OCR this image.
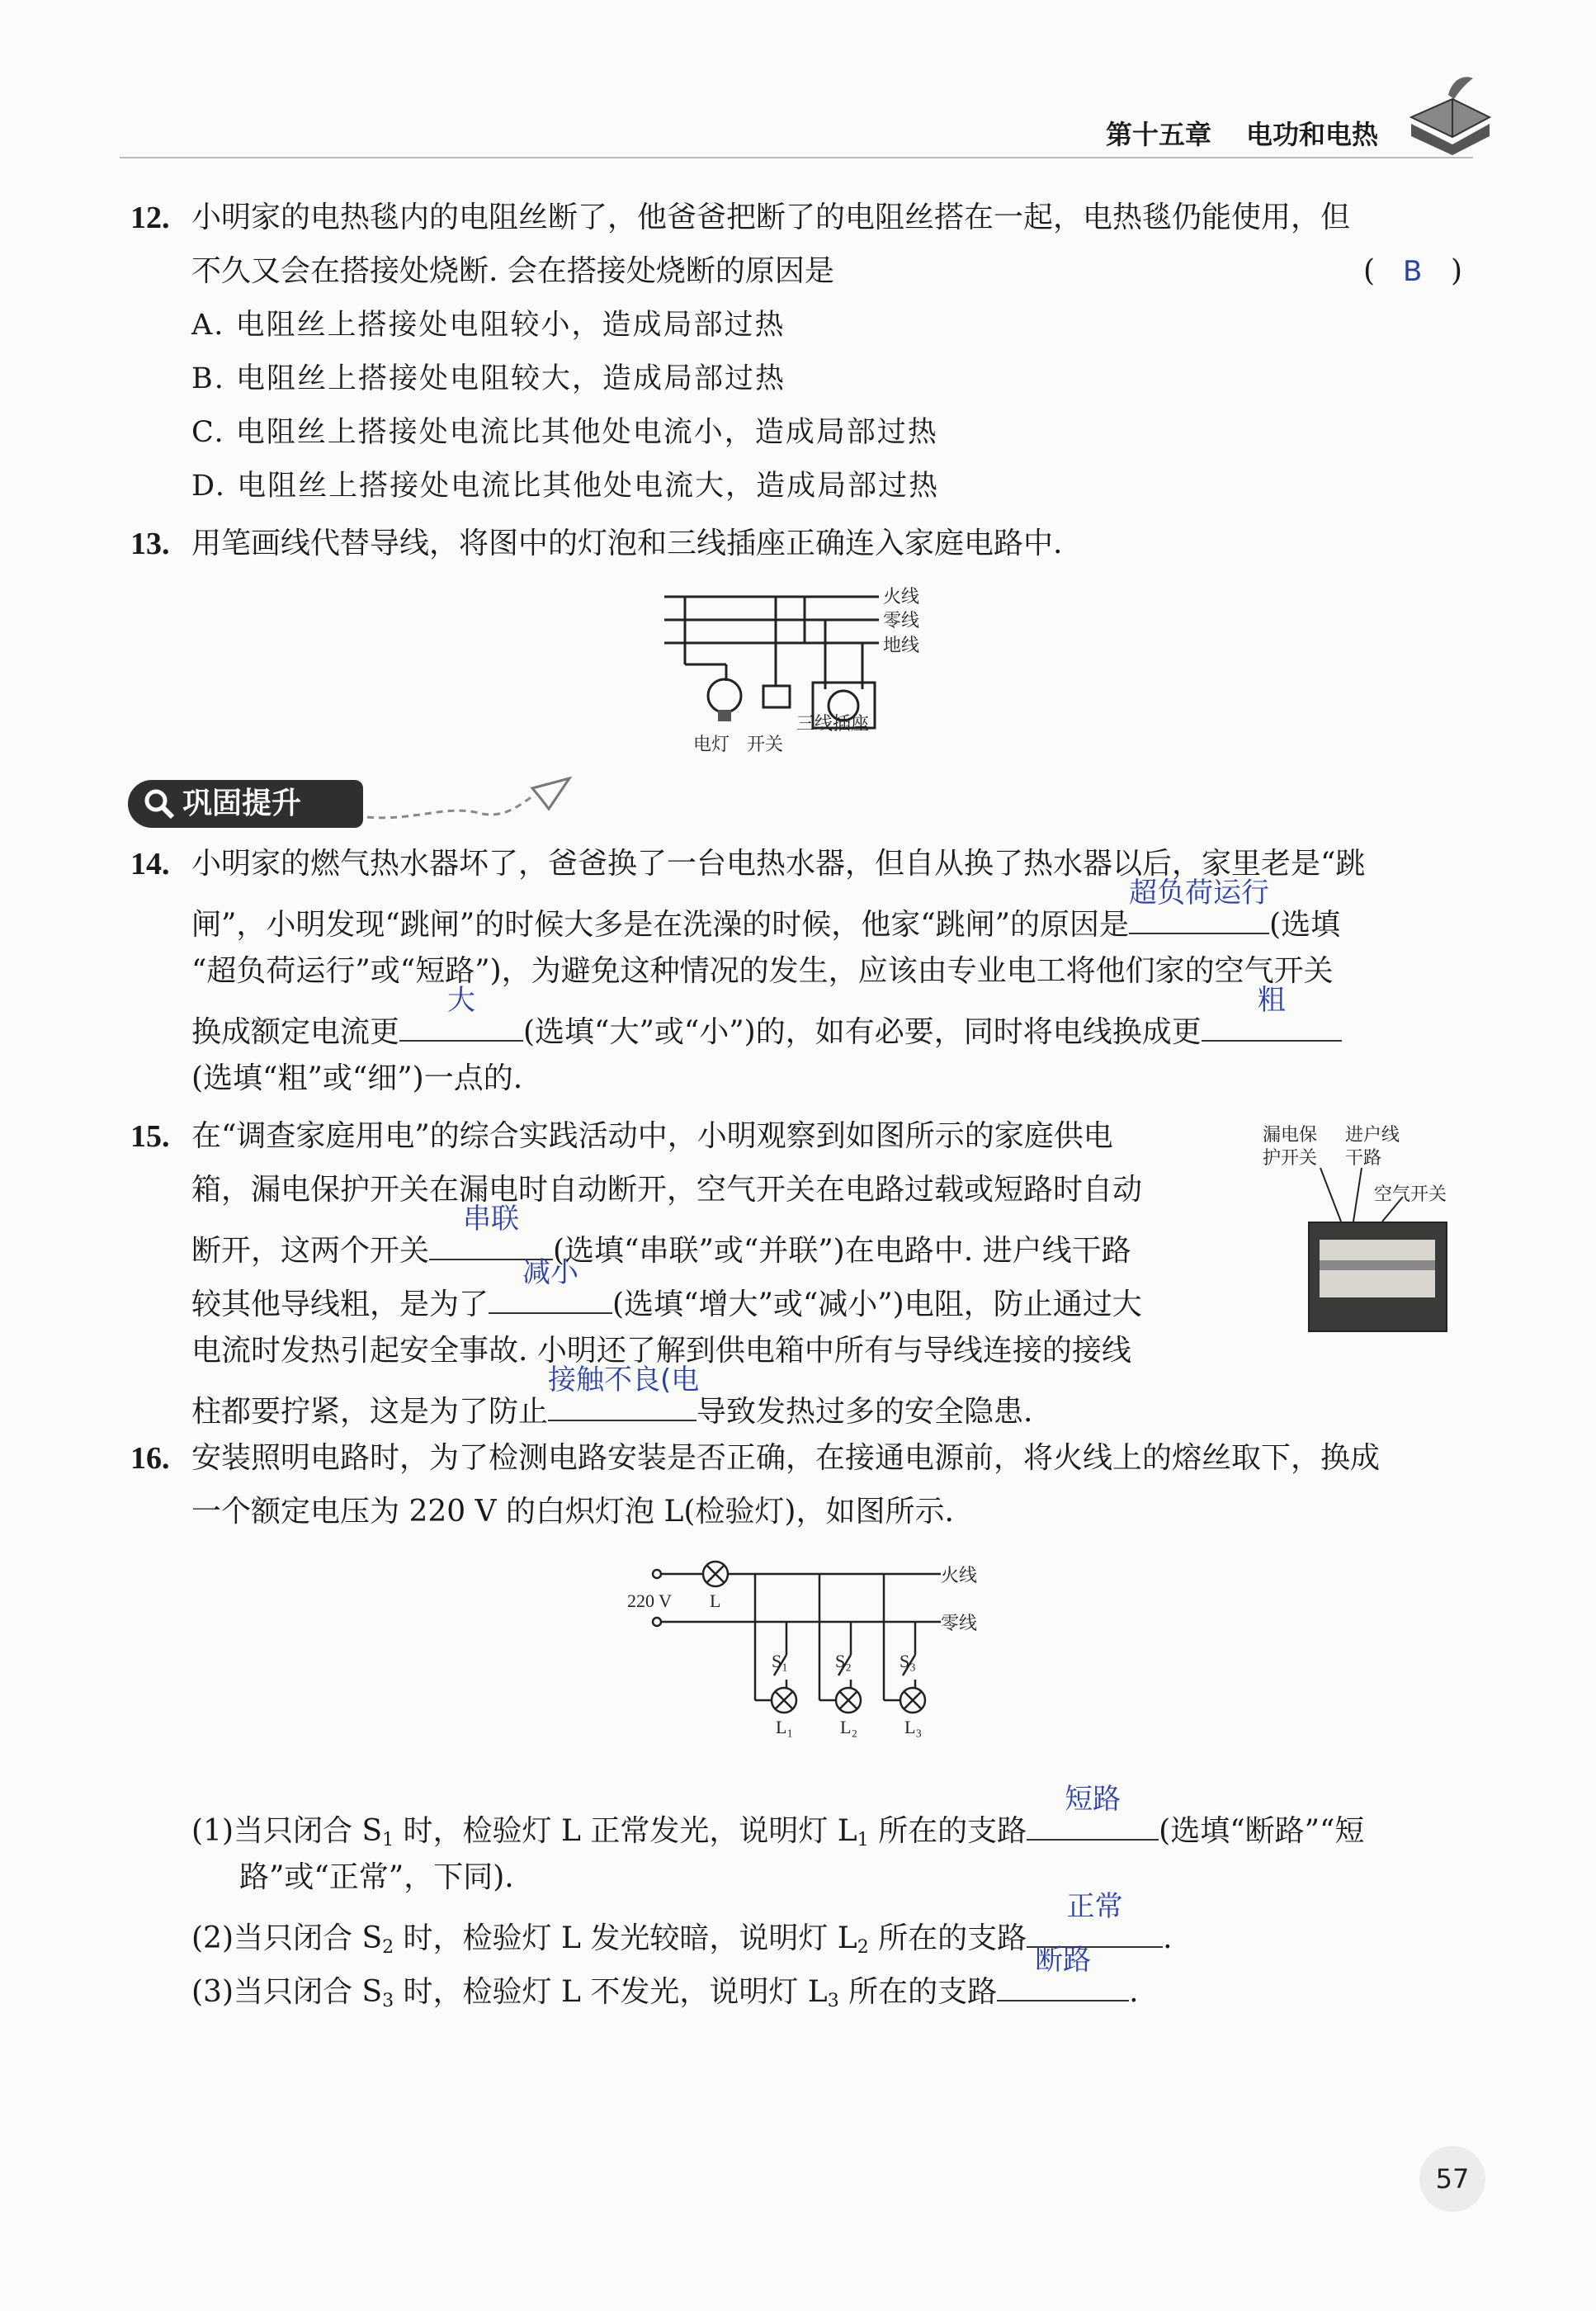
第十五章 电功和电热
12. 小明家的电热毯内的电阻丝断了，他爸爸把断了的电阻丝搭在一起，电热毯仍能使用，但
不久又会在搭接处烧断. 会在搭接处烧断的原因是	( B )
A. 电阻丝上搭接处电阻较小，造成局部过热
B. 电阻丝上搭接处电阻较大，造成局部过热
C. 电阻丝上搭接处电流比其他处电流小，造成局部过热
D. 电阻丝上搭接处电流比其他处电流大，造成局部过热
13. 用笔画线代替导线，将图中的灯泡和三线插座正确连入家庭电路中.
火线
零线
地线
电灯 开关
三线插座
巩固提升
14. 小明家的燃气热水器坏了，爸爸换了一台电热水器，但自从换了热水器以后，家里老是“跳
闸”，小明发现“跳闸”的时候大多是在洗澡的时候，他家“跳闸”的原因是
超负荷运行
(选填
“超负荷运行”或“短路”)，为避免这种情况的发生，应该由专业电工将他们家的空气开关
换成额定电流更
大
(选填“大”或“小”)的，如有必要，同时将电线换成更
粗
(选填“粗”或“细”)一点的.
15. 在“调查家庭用电”的综合实践活动中，小明观察到如图所示的家庭供电
箱，漏电保护开关在漏电时自动断开，空气开关在电路过载或短路时自动
断开，这两个开关
串联
(选填“串联”或“并联”)在电路中. 进户线干路
较其他导线粗，是为了
减小
(选填“增大”或“减小”)电阻，防止通过大
电流时发热引起安全事故. 小明还了解到供电箱中所有与导线连接的接线
柱都要拧紧，这是为了防止
接触不良(电
导致发热过多的安全隐患.
漏电保
护开关
进户线
干路
空气开关
16. 安装照明电路时，为了检测电路安装是否正确，在接通电源前，将火线上的熔丝取下，换成
一个额定电压为 220 V 的白炽灯泡 L(检验灯)，如图所示.
火线
零线
220 V L
S₁	S₂	S₃
L₁	L₂	L₃
(1)当只闭合 $S_1$ 时，检验灯 L 正常发光，说明灯 $L_1$ 所在的支路
短路
(选填“断路”“短
路”或“正常”，下同).
(2)当只闭合 $S_2$ 时，检验灯 L 发光较暗，说明灯 $L_2$ 所在的支路
正常
.
(3)当只闭合 $S_3$ 时，检验灯 L 不发光，说明灯 $L_3$ 所在的支路
断路
.
57
